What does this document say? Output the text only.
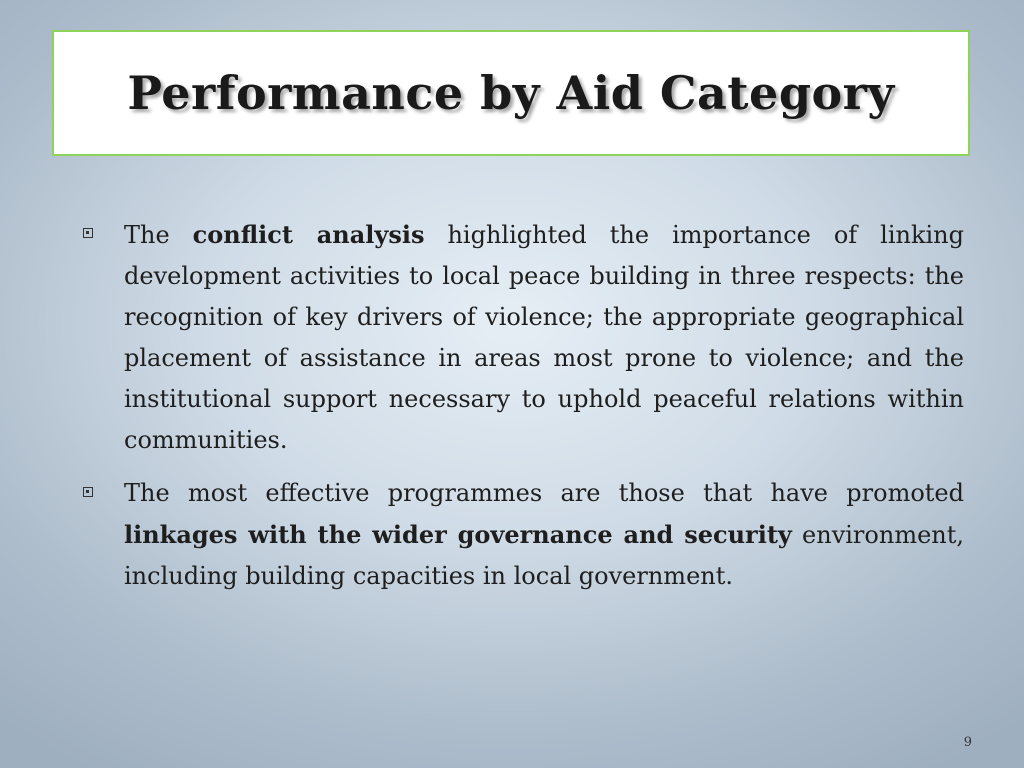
Performance by Aid Category

The conflict analysis highlighted the importance of linking development activities to local peace building in three respects: the recognition of key drivers of violence; the appropriate geographical placement of assistance in areas most prone to violence; and the institutional support necessary to uphold peaceful relations within communities.

The most effective programmes are those that have promoted linkages with the wider governance and security environment, including building capacities in local government.

9
